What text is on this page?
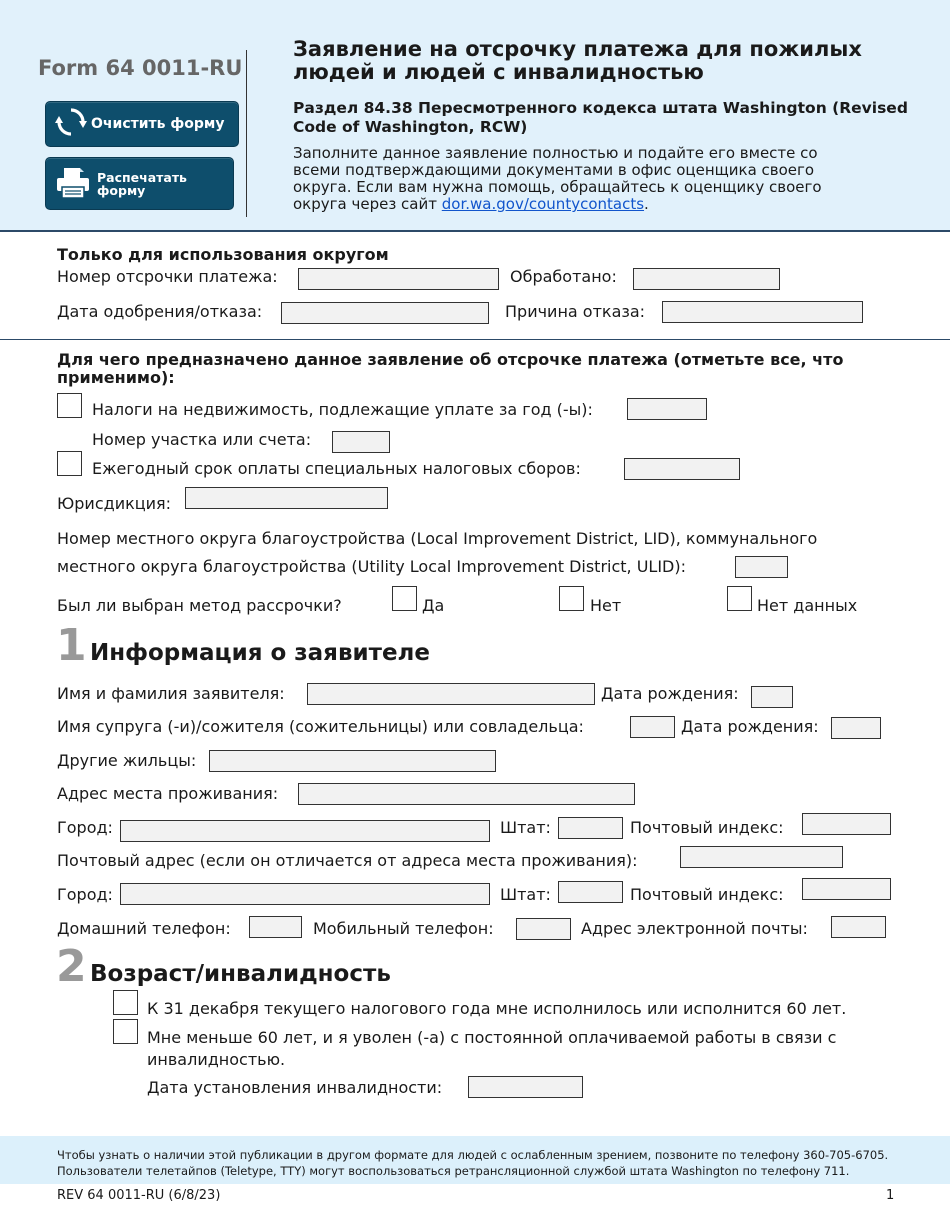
Form 64 0011-RU
Очистить форму
Распечатать форму
Заявление на отсрочку платежа для пожилых людей и людей с инвалидностью
Раздел 84.38 Пересмотренного кодекса штата Washington (Revised Code of Washington, RCW)
Заполните данное заявление полностью и подайте его вместе со всеми подтверждающими документами в офис оценщика своего округа. Если вам нужна помощь, обращайтесь к оценщику своего округа через сайт dor.wa.gov/countycontacts.
Только для использования округом
Номер отсрочки платежа:	Обработано:
Дата одобрения/отказа:	Причина отказа:
Для чего предназначено данное заявление об отсрочке платежа (отметьте все, что применимо):
Налоги на недвижимость, подлежащие уплате за год (-ы):
Номер участка или счета:
Ежегодный срок оплаты специальных налоговых сборов:
Юрисдикция:
Номер местного округа благоустройства (Local Improvement District, LID), коммунального
местного округа благоустройства (Utility Local Improvement District, ULID):
Был ли выбран метод рассрочки?	Да	Нет	Нет данных
1 Информация о заявителе
Имя и фамилия заявителя:	Дата рождения:
Имя супруга (-и)/сожителя (сожительницы) или совладельца:	Дата рождения:
Другие жильцы:
Адрес места проживания:
Город:	Штат:	Почтовый индекс:
Почтовый адрес (если он отличается от адреса места проживания):
Город:	Штат:	Почтовый индекс:
Домашний телефон:	Мобильный телефон:	Адрес электронной почты:
2 Возраст/инвалидность
К 31 декабря текущего налогового года мне исполнилось или исполнится 60 лет.
Мне меньше 60 лет, и я уволен (-а) с постоянной оплачиваемой работы в связи с
инвалидностью.
Дата установления инвалидности:
Чтобы узнать о наличии этой публикации в другом формате для людей с ослабленным зрением, позвоните по телефону 360-705-6705.
Пользователи телетайпов (Teletype, TTY) могут воспользоваться ретрансляционной службой штата Washington по телефону 711.
REV 64 0011-RU (6/8/23)	1
